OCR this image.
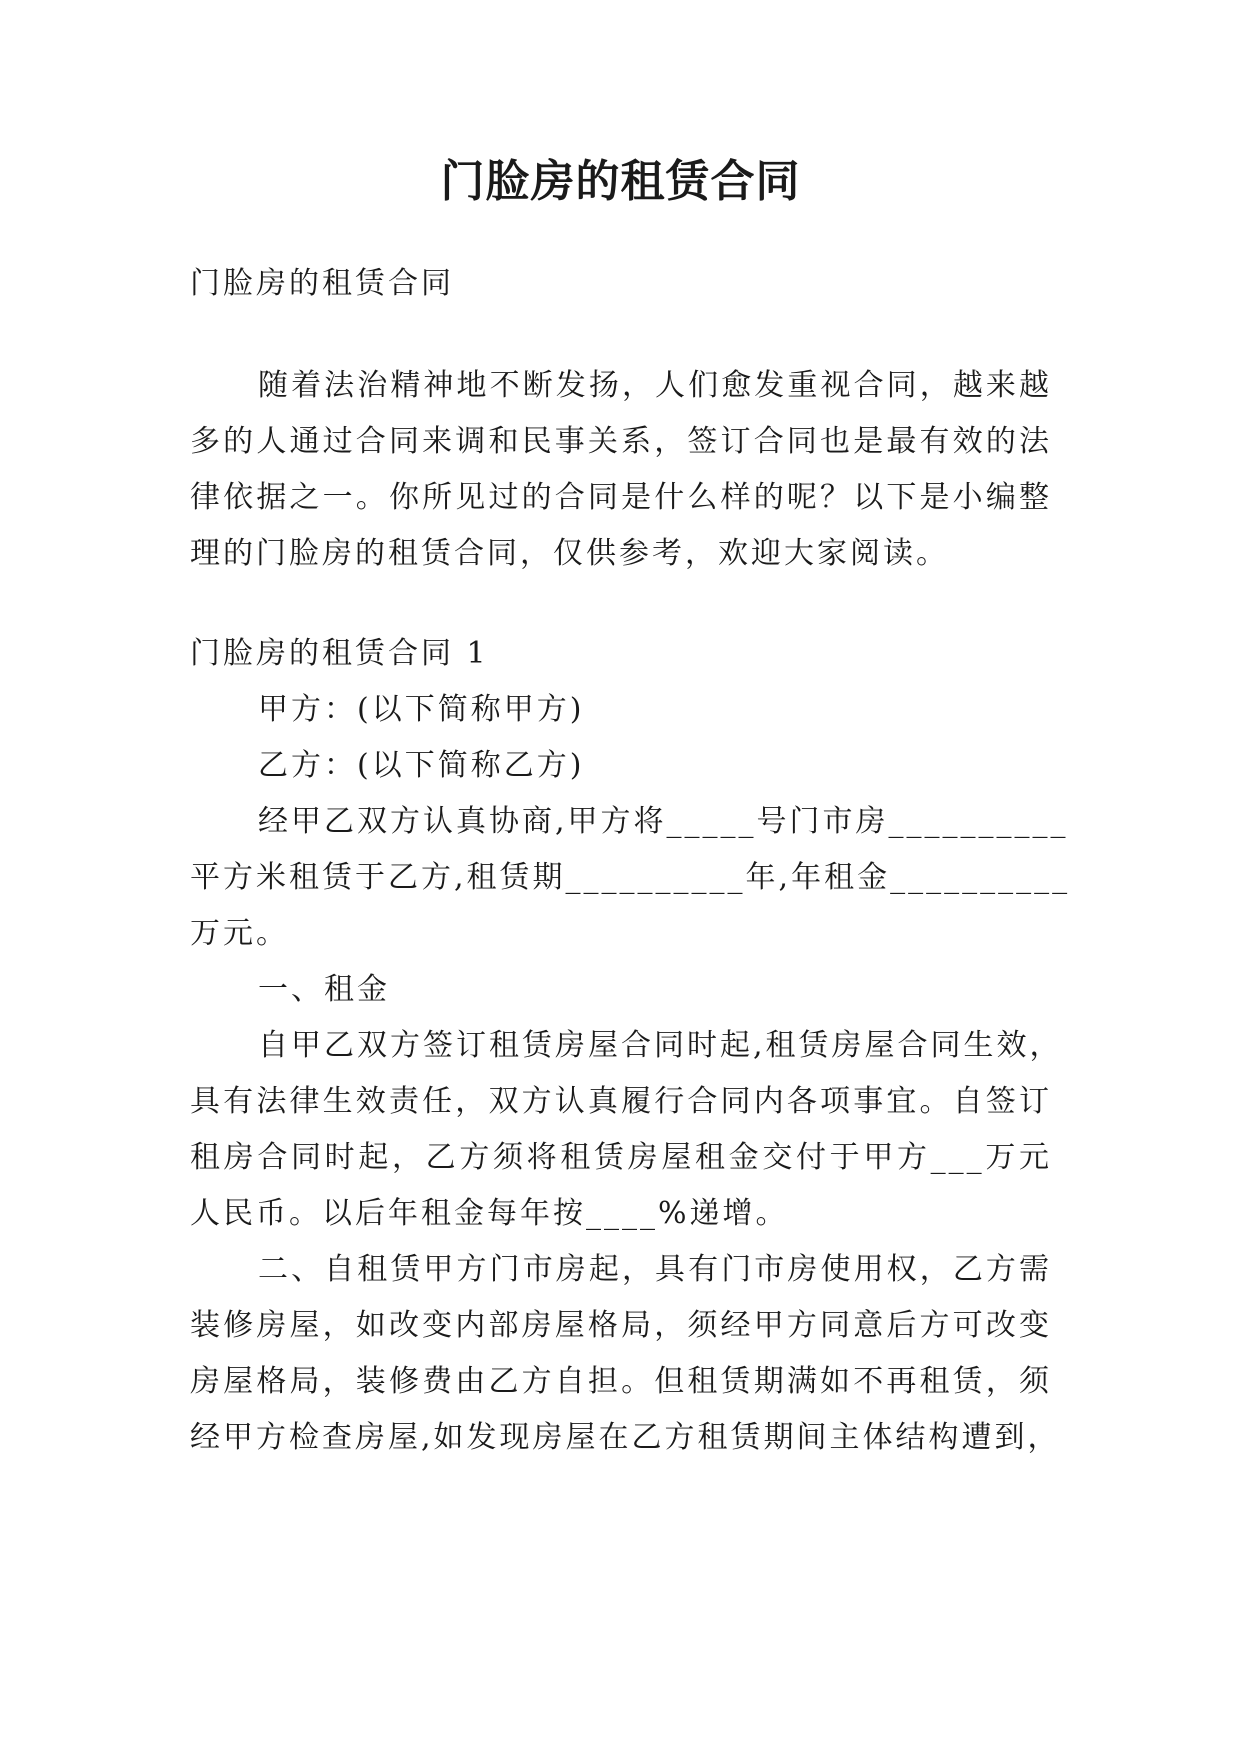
门脸房的租赁合同
门脸房的租赁合同
随着法治精神地不断发扬，人们愈发重视合同，越来越
多的人通过合同来调和民事关系，签订合同也是最有效的法
律依据之一。你所见过的合同是什么样的呢？以下是小编整
理的门脸房的租赁合同，仅供参考，欢迎大家阅读。
门脸房的租赁合同 1
甲方：(以下简称甲方)
乙方：(以下简称乙方)
经甲乙双方认真协商,甲方将_____号门市房__________
平方米租赁于乙方,租赁期__________年,年租金__________
万元。
一、租金
自甲乙双方签订租赁房屋合同时起,租赁房屋合同生效，
具有法律生效责任，双方认真履行合同内各项事宜。自签订
租房合同时起，乙方须将租赁房屋租金交付于甲方___万元
人民币。以后年租金每年按____%递增。
二、自租赁甲方门市房起，具有门市房使用权，乙方需
装修房屋，如改变内部房屋格局，须经甲方同意后方可改变
房屋格局，装修费由乙方自担。但租赁期满如不再租赁，须
经甲方检查房屋,如发现房屋在乙方租赁期间主体结构遭到，
